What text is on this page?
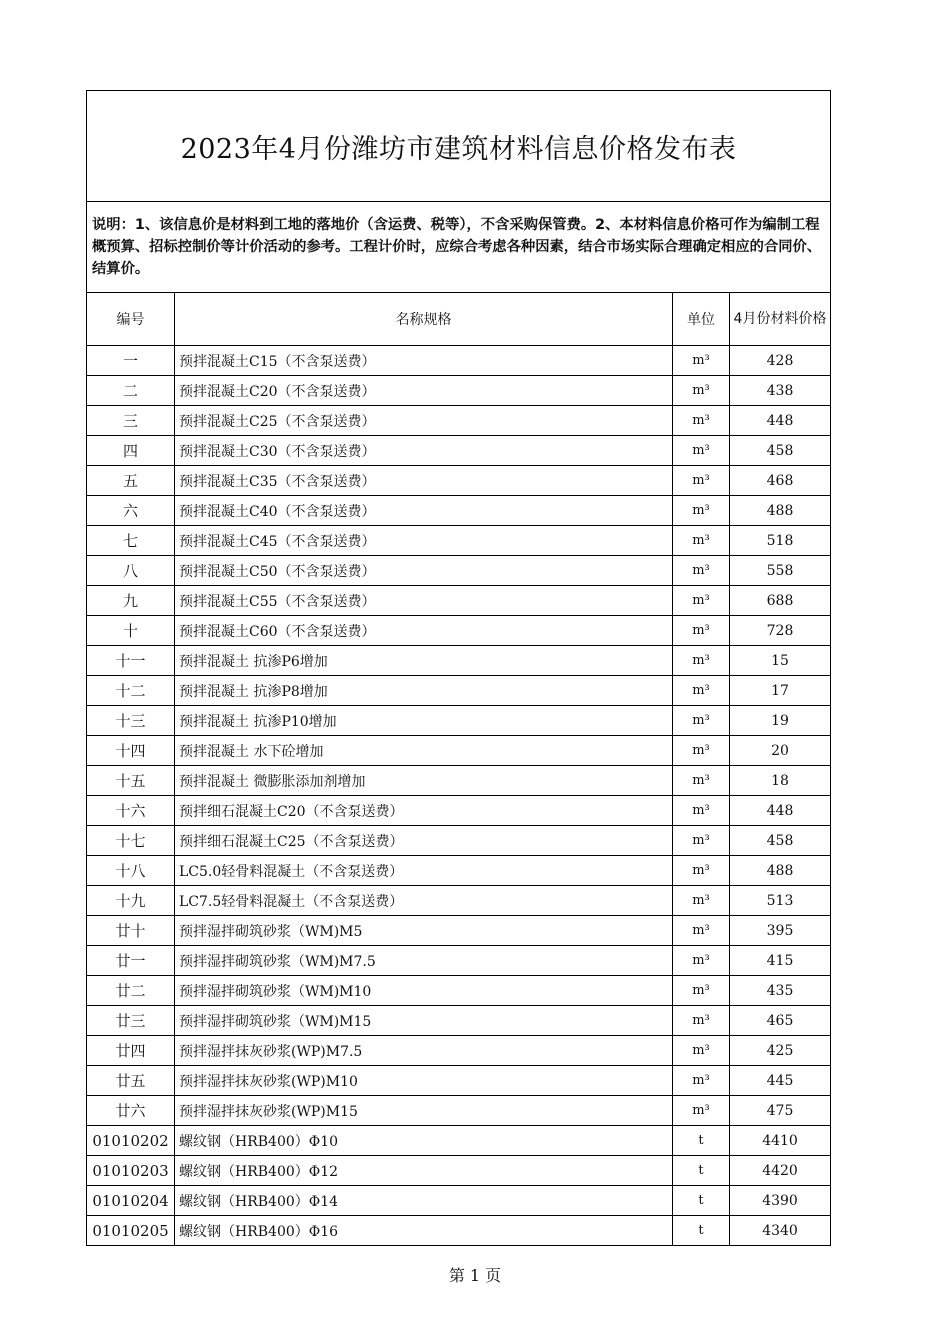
2023年4月份潍坊市建筑材料信息价格发布表			
说明：1、该信息价是材料到工地的落地价（含运费、税等），不含采购保管费。2、本材料信息价格可作为编制工程概预算、招标控制价等计价活动的参考。工程计价时，应综合考虑各种因素，结合市场实际合理确定相应的合同价、结算价。			
编号	名称规格	单位	4月份材料价格
一	预拌混凝土C15（不含泵送费）	m³	428
二	预拌混凝土C20（不含泵送费）	m³	438
三	预拌混凝土C25（不含泵送费）	m³	448
四	预拌混凝土C30（不含泵送费）	m³	458
五	预拌混凝土C35（不含泵送费）	m³	468
六	预拌混凝土C40（不含泵送费）	m³	488
七	预拌混凝土C45（不含泵送费）	m³	518
八	预拌混凝土C50（不含泵送费）	m³	558
九	预拌混凝土C55（不含泵送费）	m³	688
十	预拌混凝土C60（不含泵送费）	m³	728
十一	预拌混凝土 抗渗P6增加	m³	15
十二	预拌混凝土 抗渗P8增加	m³	17
十三	预拌混凝土 抗渗P10增加	m³	19
十四	预拌混凝土 水下砼增加	m³	20
十五	预拌混凝土 微膨胀添加剂增加	m³	18
十六	预拌细石混凝土C20（不含泵送费）	m³	448
十七	预拌细石混凝土C25（不含泵送费）	m³	458
十八	LC5.0轻骨料混凝土（不含泵送费）	m³	488
十九	LC7.5轻骨料混凝土（不含泵送费）	m³	513
廿十	预拌湿拌砌筑砂浆（WM)M5	m³	395
廿一	预拌湿拌砌筑砂浆（WM)M7.5	m³	415
廿二	预拌湿拌砌筑砂浆（WM)M10	m³	435
廿三	预拌湿拌砌筑砂浆（WM)M15	m³	465
廿四	预拌湿拌抹灰砂浆(WP)M7.5	m³	425
廿五	预拌湿拌抹灰砂浆(WP)M10	m³	445
廿六	预拌湿拌抹灰砂浆(WP)M15	m³	475
01010202	螺纹钢（HRB400）Φ10	t	4410
01010203	螺纹钢（HRB400）Φ12	t	4420
01010204	螺纹钢（HRB400）Φ14	t	4390
01010205	螺纹钢（HRB400）Φ16	t	4340
第 1 页
